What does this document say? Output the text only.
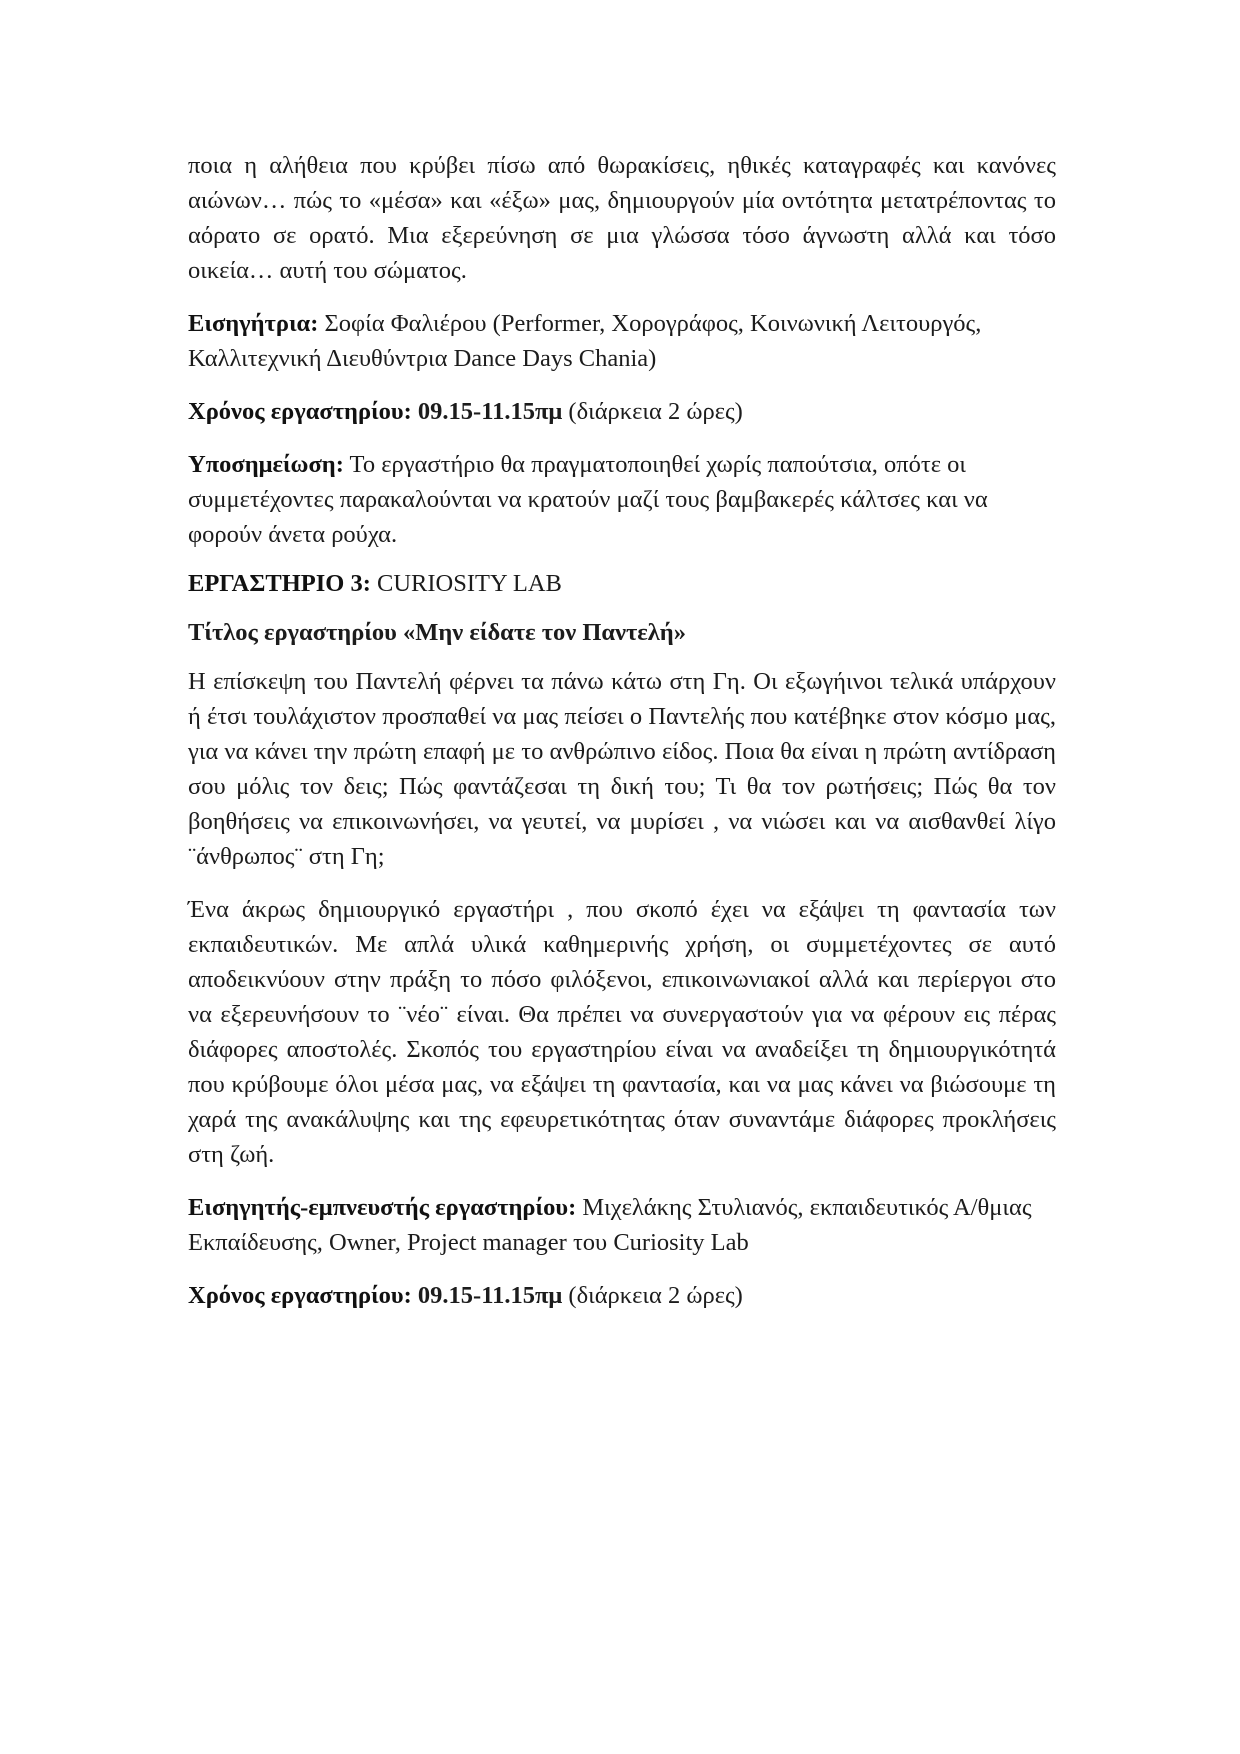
ποια η αλήθεια που κρύβει πίσω από θωρακίσεις, ηθικές καταγραφές και κανόνες αιώνων… πώς το «μέσα» και «έξω» μας, δημιουργούν μία οντότητα μετατρέποντας το αόρατο σε ορατό. Μια εξερεύνηση σε μια γλώσσα τόσο άγνωστη αλλά και τόσο οικεία… αυτή του σώματος.

Εισηγήτρια: Σοφία Φαλιέρου (Performer, Χορογράφος, Κοινωνική Λειτουργός, Καλλιτεχνική Διευθύντρια Dance Days Chania)

Χρόνος εργαστηρίου: 09.15-11.15πμ (διάρκεια 2 ώρες)

Υποσημείωση: Το εργαστήριο θα πραγματοποιηθεί χωρίς παπούτσια, οπότε οι συμμετέχοντες παρακαλούνται να κρατούν μαζί τους βαμβακερές κάλτσες και να φορούν άνετα ρούχα.

ΕΡΓΑΣΤΗΡΙΟ 3: CURIOSITY LAB

Τίτλος εργαστηρίου «Μην είδατε τον Παντελή»

Η επίσκεψη του Παντελή φέρνει τα πάνω κάτω στη Γη. Οι εξωγήινοι τελικά υπάρχουν ή έτσι τουλάχιστον προσπαθεί να μας πείσει ο Παντελής που κατέβηκε στον κόσμο μας, για να κάνει την πρώτη επαφή με το ανθρώπινο είδος. Ποια θα είναι η πρώτη αντίδραση σου μόλις τον δεις; Πώς φαντάζεσαι τη δική του; Τι θα τον ρωτήσεις; Πώς θα τον βοηθήσεις να επικοινωνήσει, να γευτεί, να μυρίσει , να νιώσει και να αισθανθεί λίγο ¨άνθρωπος¨ στη Γη;

Ένα άκρως δημιουργικό εργαστήρι , που σκοπό έχει να εξάψει τη φαντασία των εκπαιδευτικών. Με απλά υλικά καθημερινής χρήση, οι συμμετέχοντες σε αυτό αποδεικνύουν στην πράξη το πόσο φιλόξενοι, επικοινωνιακοί αλλά και περίεργοι στο να εξερευνήσουν το ¨νέο¨ είναι. Θα πρέπει να συνεργαστούν για να φέρουν εις πέρας διάφορες αποστολές. Σκοπός του εργαστηρίου είναι να αναδείξει τη δημιουργικότητά που κρύβουμε όλοι μέσα μας, να εξάψει τη φαντασία, και να μας κάνει να βιώσουμε τη χαρά της ανακάλυψης και της εφευρετικότητας όταν συναντάμε διάφορες προκλήσεις στη ζωή.

Εισηγητής-εμπνευστής εργαστηρίου: Μιχελάκης Στυλιανός, εκπαιδευτικός Α/θμιας Εκπαίδευσης, Owner, Project manager του Curiosity Lab

Χρόνος εργαστηρίου: 09.15-11.15πμ (διάρκεια 2 ώρες)
